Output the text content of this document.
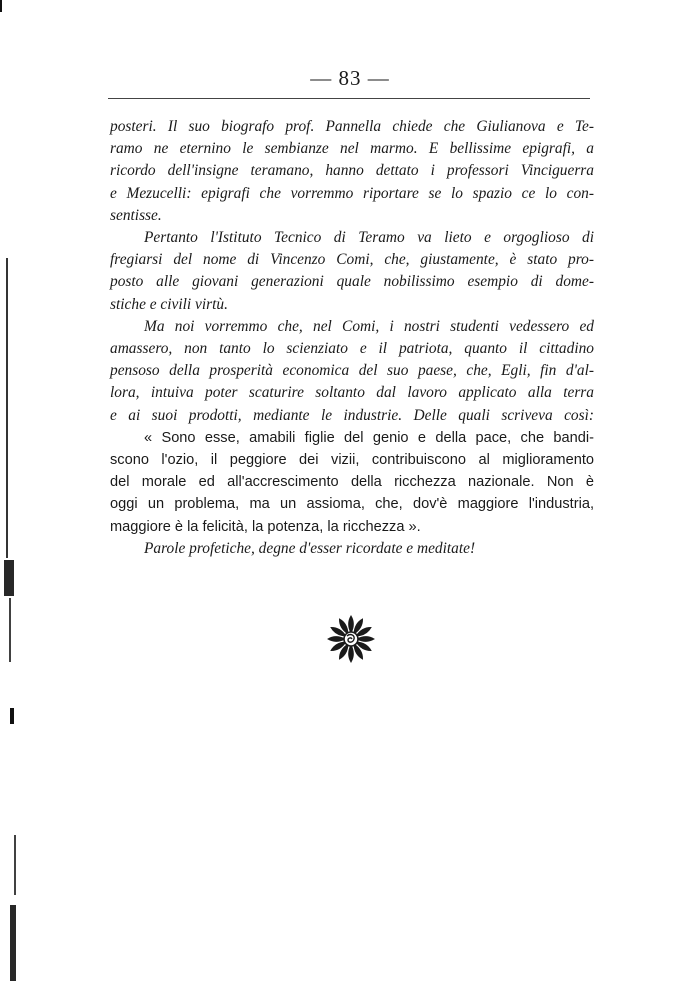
— 83 —

posteri. Il suo biografo prof. Pannella chiede che Giulianova e Te-
ramo ne eternino le sembianze nel marmo. E bellissime epigrafi, a
ricordo dell'insigne teramano, hanno dettato i professori Vinciguerra
e Mezucelli: epigrafi che vorremmo riportare se lo spazio ce lo con-
sentisse.

Pertanto l'Istituto Tecnico di Teramo va lieto e orgoglioso di
fregiarsi del nome di Vincenzo Comi, che, giustamente, è stato pro-
posto alle giovani generazioni quale nobilissimo esempio di dome-
stiche e civili virtù.

Ma noi vorremmo che, nel Comi, i nostri studenti vedessero ed
amassero, non tanto lo scienziato e il patriota, quanto il cittadino
pensoso della prosperità economica del suo paese, che, Egli, fin d'al-
lora, intuiva poter scaturire soltanto dal lavoro applicato alla terra
e ai suoi prodotti, mediante le industrie. Delle quali scriveva così:

« Sono esse, amabili figlie del genio e della pace, che bandi-
scono l'ozio, il peggiore dei vizii, contribuiscono al miglioramento
del morale ed all'accrescimento della ricchezza nazionale. Non è
oggi un problema, ma un assioma, che, dov'è maggiore l'industria,
maggiore è la felicità, la potenza, la ricchezza ».

Parole profetiche, degne d'esser ricordate e meditate!
